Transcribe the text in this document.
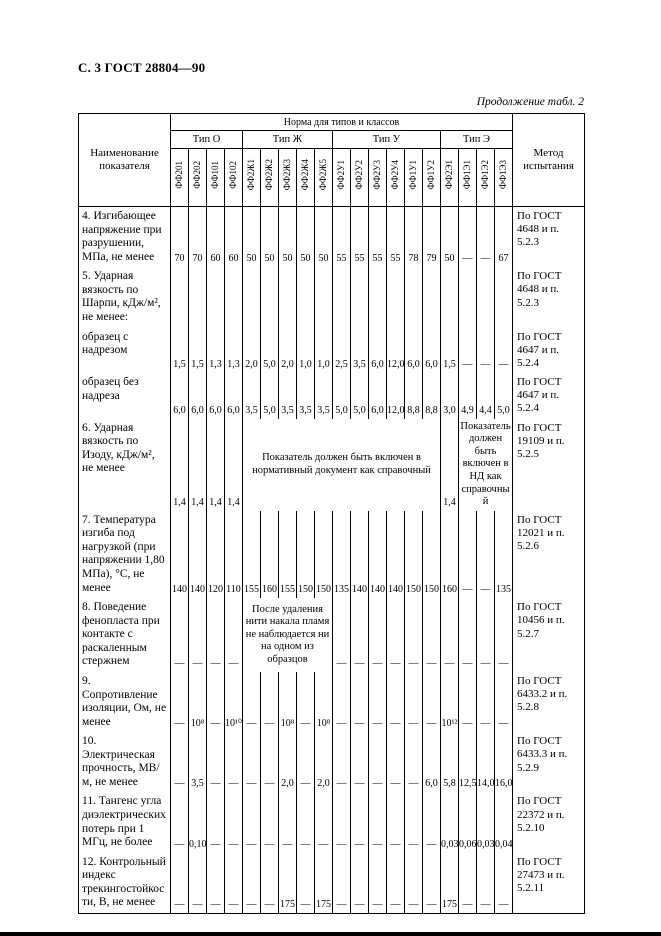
С. 3 ГОСТ 28804—90
Продолжение табл. 2
Наименование показателя	Норма для типов и классов																			Метод испытания
	Тип О				Тип Ж					Тип У						Тип Э				
	ФФ201	ФФ202	ФФ101	ФФ102	ФФ2Ж1	ФФ2Ж2	ФФ2Ж3	ФФ2Ж4	ФФ2Ж5	ФФ2У1	ФФ2У2	ФФ2У3	ФФ2У4	ФФ1У1	ФФ1У2	ФФ2Э1	ФФ1Э1	ФФ1Э2	ФФ1Э3	
4. Изгибающее напряжение при разрушении, МПа, не менее	70	70	60	60	50	50	50	50	50	55	55	55	55	78	79	50	—	—	67	По ГОСТ 4648 и п. 5.2.3
5. Ударная вязкость по Шарпи, кДж/м², не менее:																				По ГОСТ 4648 и п. 5.2.3
образец с надрезом	1,5	1,5	1,3	1,3	2,0	5,0	2,0	1,0	1,0	2,5	3,5	6,0	12,0	6,0	6,0	1,5	—	—	—	По ГОСТ 4647 и п. 5.2.4
образец без надреза	6,0	6,0	6,0	6,0	3,5	5,0	3,5	3,5	3,5	5,0	5,0	6,0	12,0	8,8	8,8	3,0	4,9	4,4	5,0	По ГОСТ 4647 и п. 5.2.4
6. Ударная вязкость по Изоду, кДж/м², не менее	1,4	1,4	1,4	1,4	Показатель должен быть включен в нормативный документ как справочный											1,4	Показатель должен быть включен в НД как справочный			По ГОСТ 19109 и п. 5.2.5
7. Температура изгиба под нагрузкой (при напряжении 1,80 МПа), °С, не менее	140	140	120	110	155	160	155	150	150	135	140	140	140	150	150	160	—	—	135	По ГОСТ 12021 и п. 5.2.6
8. Поведение фенопласта при контакте с раскаленным стержнем	—	—	—	—	После удаления нити накала пламя не наблюдается ни на одном из образцов					—	—	—	—	—	—	—	—	—	—	По ГОСТ 10456 и п. 5.2.7
9. Сопротивление изоляции, Ом, не менее	—	10⁸	—	10¹⁰	—	—	10⁸	—	10⁸	—	—	—	—	—	—	10¹²	—	—	—	По ГОСТ 6433.2 и п. 5.2.8
10. Электрическая прочность, МВ/м, не менее	—	3,5	—	—	—	—	2,0	—	2,0	—	—	—	—	—	6,0	5,8	12,5	14,0	16,0	По ГОСТ 6433.3 и п. 5.2.9
11. Тангенс угла диэлектрических потерь при 1 МГц, не более	—	0,10	—	—	—	—	—	—	—	—	—	—	—	—	—	0,03	0,06	0,03	0,04	По ГОСТ 22372 и п. 5.2.10
12. Контрольный индекс трекингостойкости, В, не менее	—	—	—	—	—	—	175	—	175	—	—	—	—	—	—	175	—	—	—	По ГОСТ 27473 и п. 5.2.11
